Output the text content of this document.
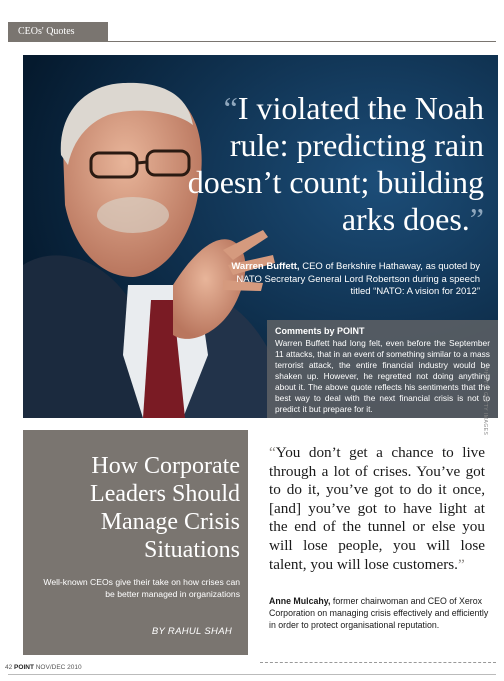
CEOs' Quotes
“I violated the Noah rule: predicting rain doesn’t count; building arks does.”
Warren Buffett, CEO of Berkshire Hathaway, as quoted by NATO Secretary General Lord Robertson during a speech titled “NATO: A vision for 2012”
Comments by POINT
Warren Buffett had long felt, even before the September 11 attacks, that in an event of something similar to a mass terrorist attack, the entire financial industry would be shaken up. However, he regretted not doing anything about it. The above quote reflects his sentiments that the best way to deal with the next financial crisis is not to predict it but prepare for it.	PHOTO: GETTY IMAGES
How Corporate Leaders Should Manage Crisis Situations
Well-known CEOs give their take on how crises can be better managed in organizations
BY RAHUL SHAH
“You don’t get a chance to live through a lot of crises. You’ve got to do it, you’ve got to do it once, [and] you’ve got to have light at the end of the tunnel or else you will lose people, you will lose talent, you will lose customers.”
Anne Mulcahy, former chairwoman and CEO of Xerox Corporation on managing crisis effectively and efficiently in order to protect organisational reputation.
42 POINT NOV/DEC 2010
